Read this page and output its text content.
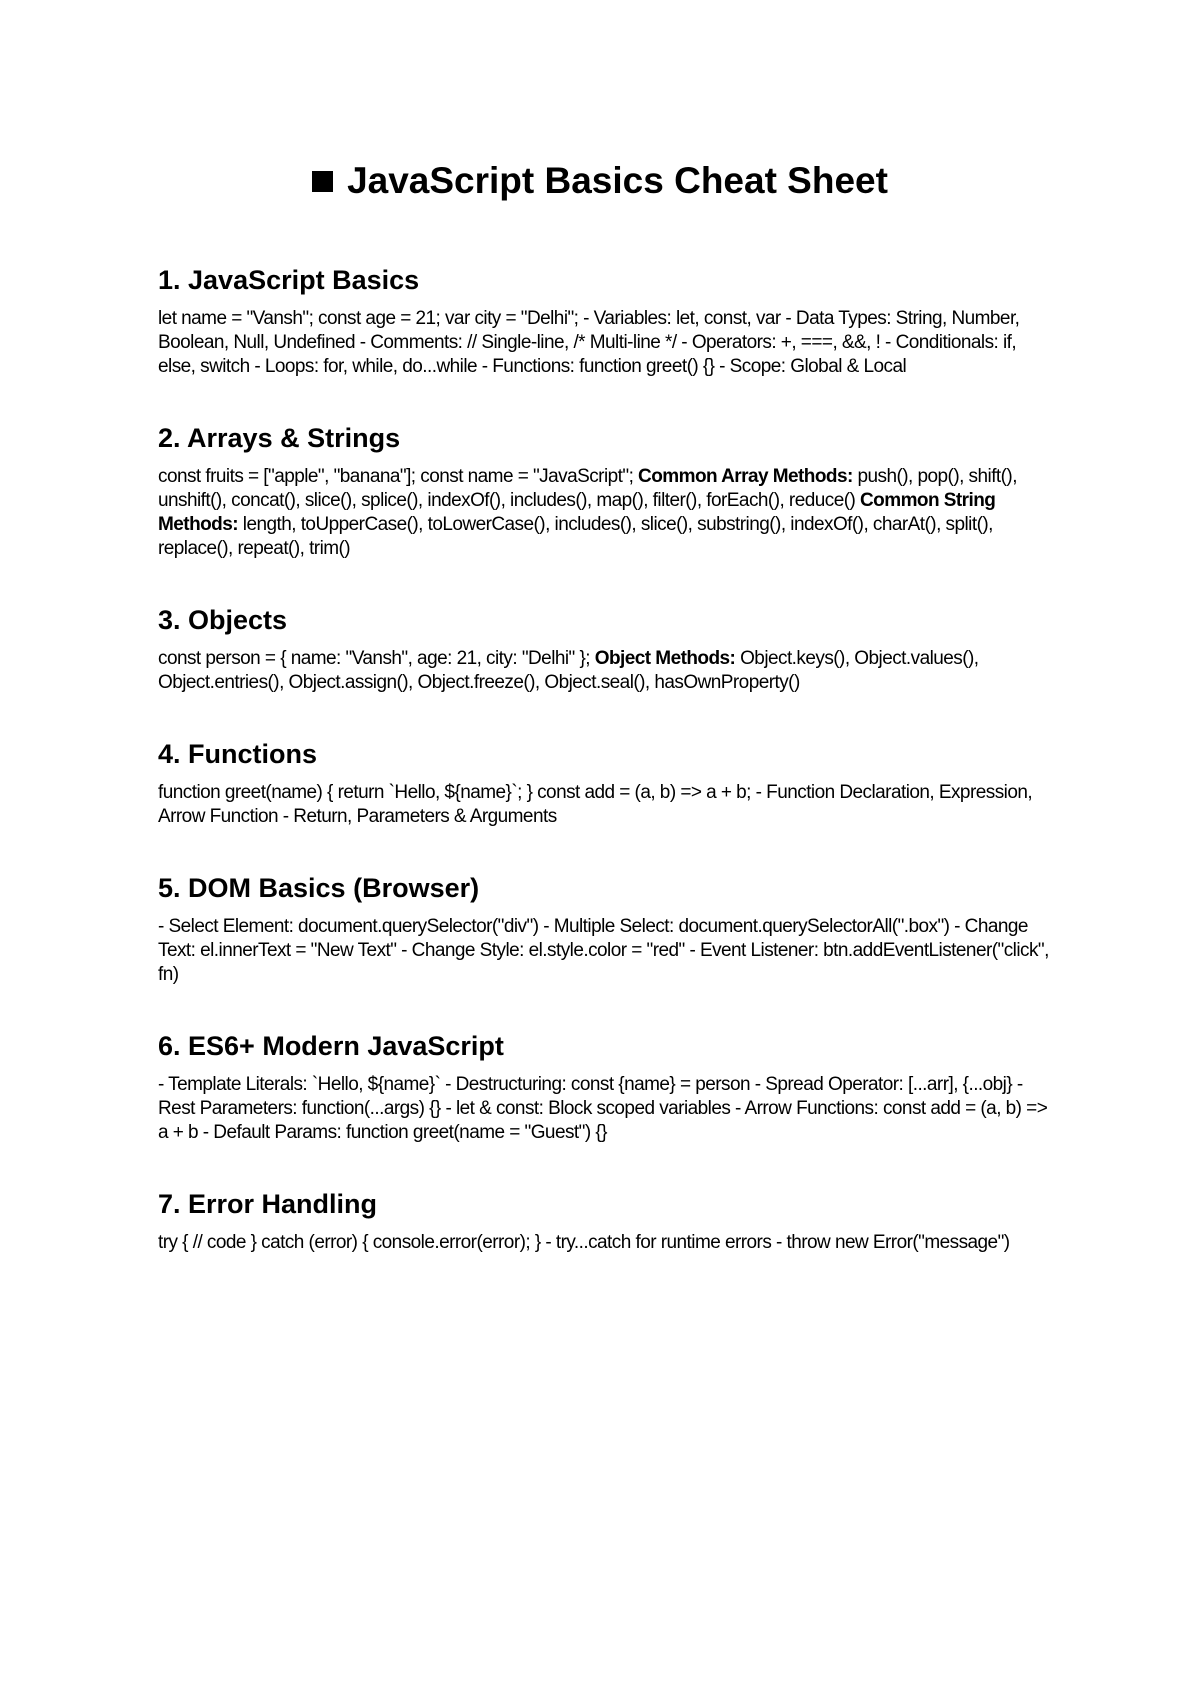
JavaScript Basics Cheat Sheet
1. JavaScript Basics

let name = "Vansh"; const age = 21; var city = "Delhi"; - Variables: let, const, var - Data Types: String, Number, Boolean, Null, Undefined - Comments: // Single-line, /* Multi-line */ - Operators: +, ===, &&, ! - Conditionals: if, else, switch - Loops: for, while, do...while - Functions: function greet() {} - Scope: Global & Local

2. Arrays & Strings

const fruits = ["apple", "banana"]; const name = "JavaScript"; Common Array Methods: push(), pop(), shift(), unshift(), concat(), slice(), splice(), indexOf(), includes(), map(), filter(), forEach(), reduce() Common String Methods: length, toUpperCase(), toLowerCase(), includes(), slice(), substring(), indexOf(), charAt(), split(), replace(), repeat(), trim()

3. Objects

const person = { name: "Vansh", age: 21, city: "Delhi" }; Object Methods: Object.keys(), Object.values(), Object.entries(), Object.assign(), Object.freeze(), Object.seal(), hasOwnProperty()

4. Functions

function greet(name) { return `Hello, ${name}`; } const add = (a, b) => a + b; - Function Declaration, Expression, Arrow Function - Return, Parameters & Arguments

5. DOM Basics (Browser)

- Select Element: document.querySelector("div") - Multiple Select: document.querySelectorAll(".box") - Change Text: el.innerText = "New Text" - Change Style: el.style.color = "red" - Event Listener: btn.addEventListener("click", fn)

6. ES6+ Modern JavaScript

- Template Literals: `Hello, ${name}` - Destructuring: const {name} = person - Spread Operator: [...arr], {...obj} - Rest Parameters: function(...args) {} - let & const: Block scoped variables - Arrow Functions: const add = (a, b) => a + b - Default Params: function greet(name = "Guest") {}

7. Error Handling

try { // code } catch (error) { console.error(error); } - try...catch for runtime errors - throw new Error("message")
